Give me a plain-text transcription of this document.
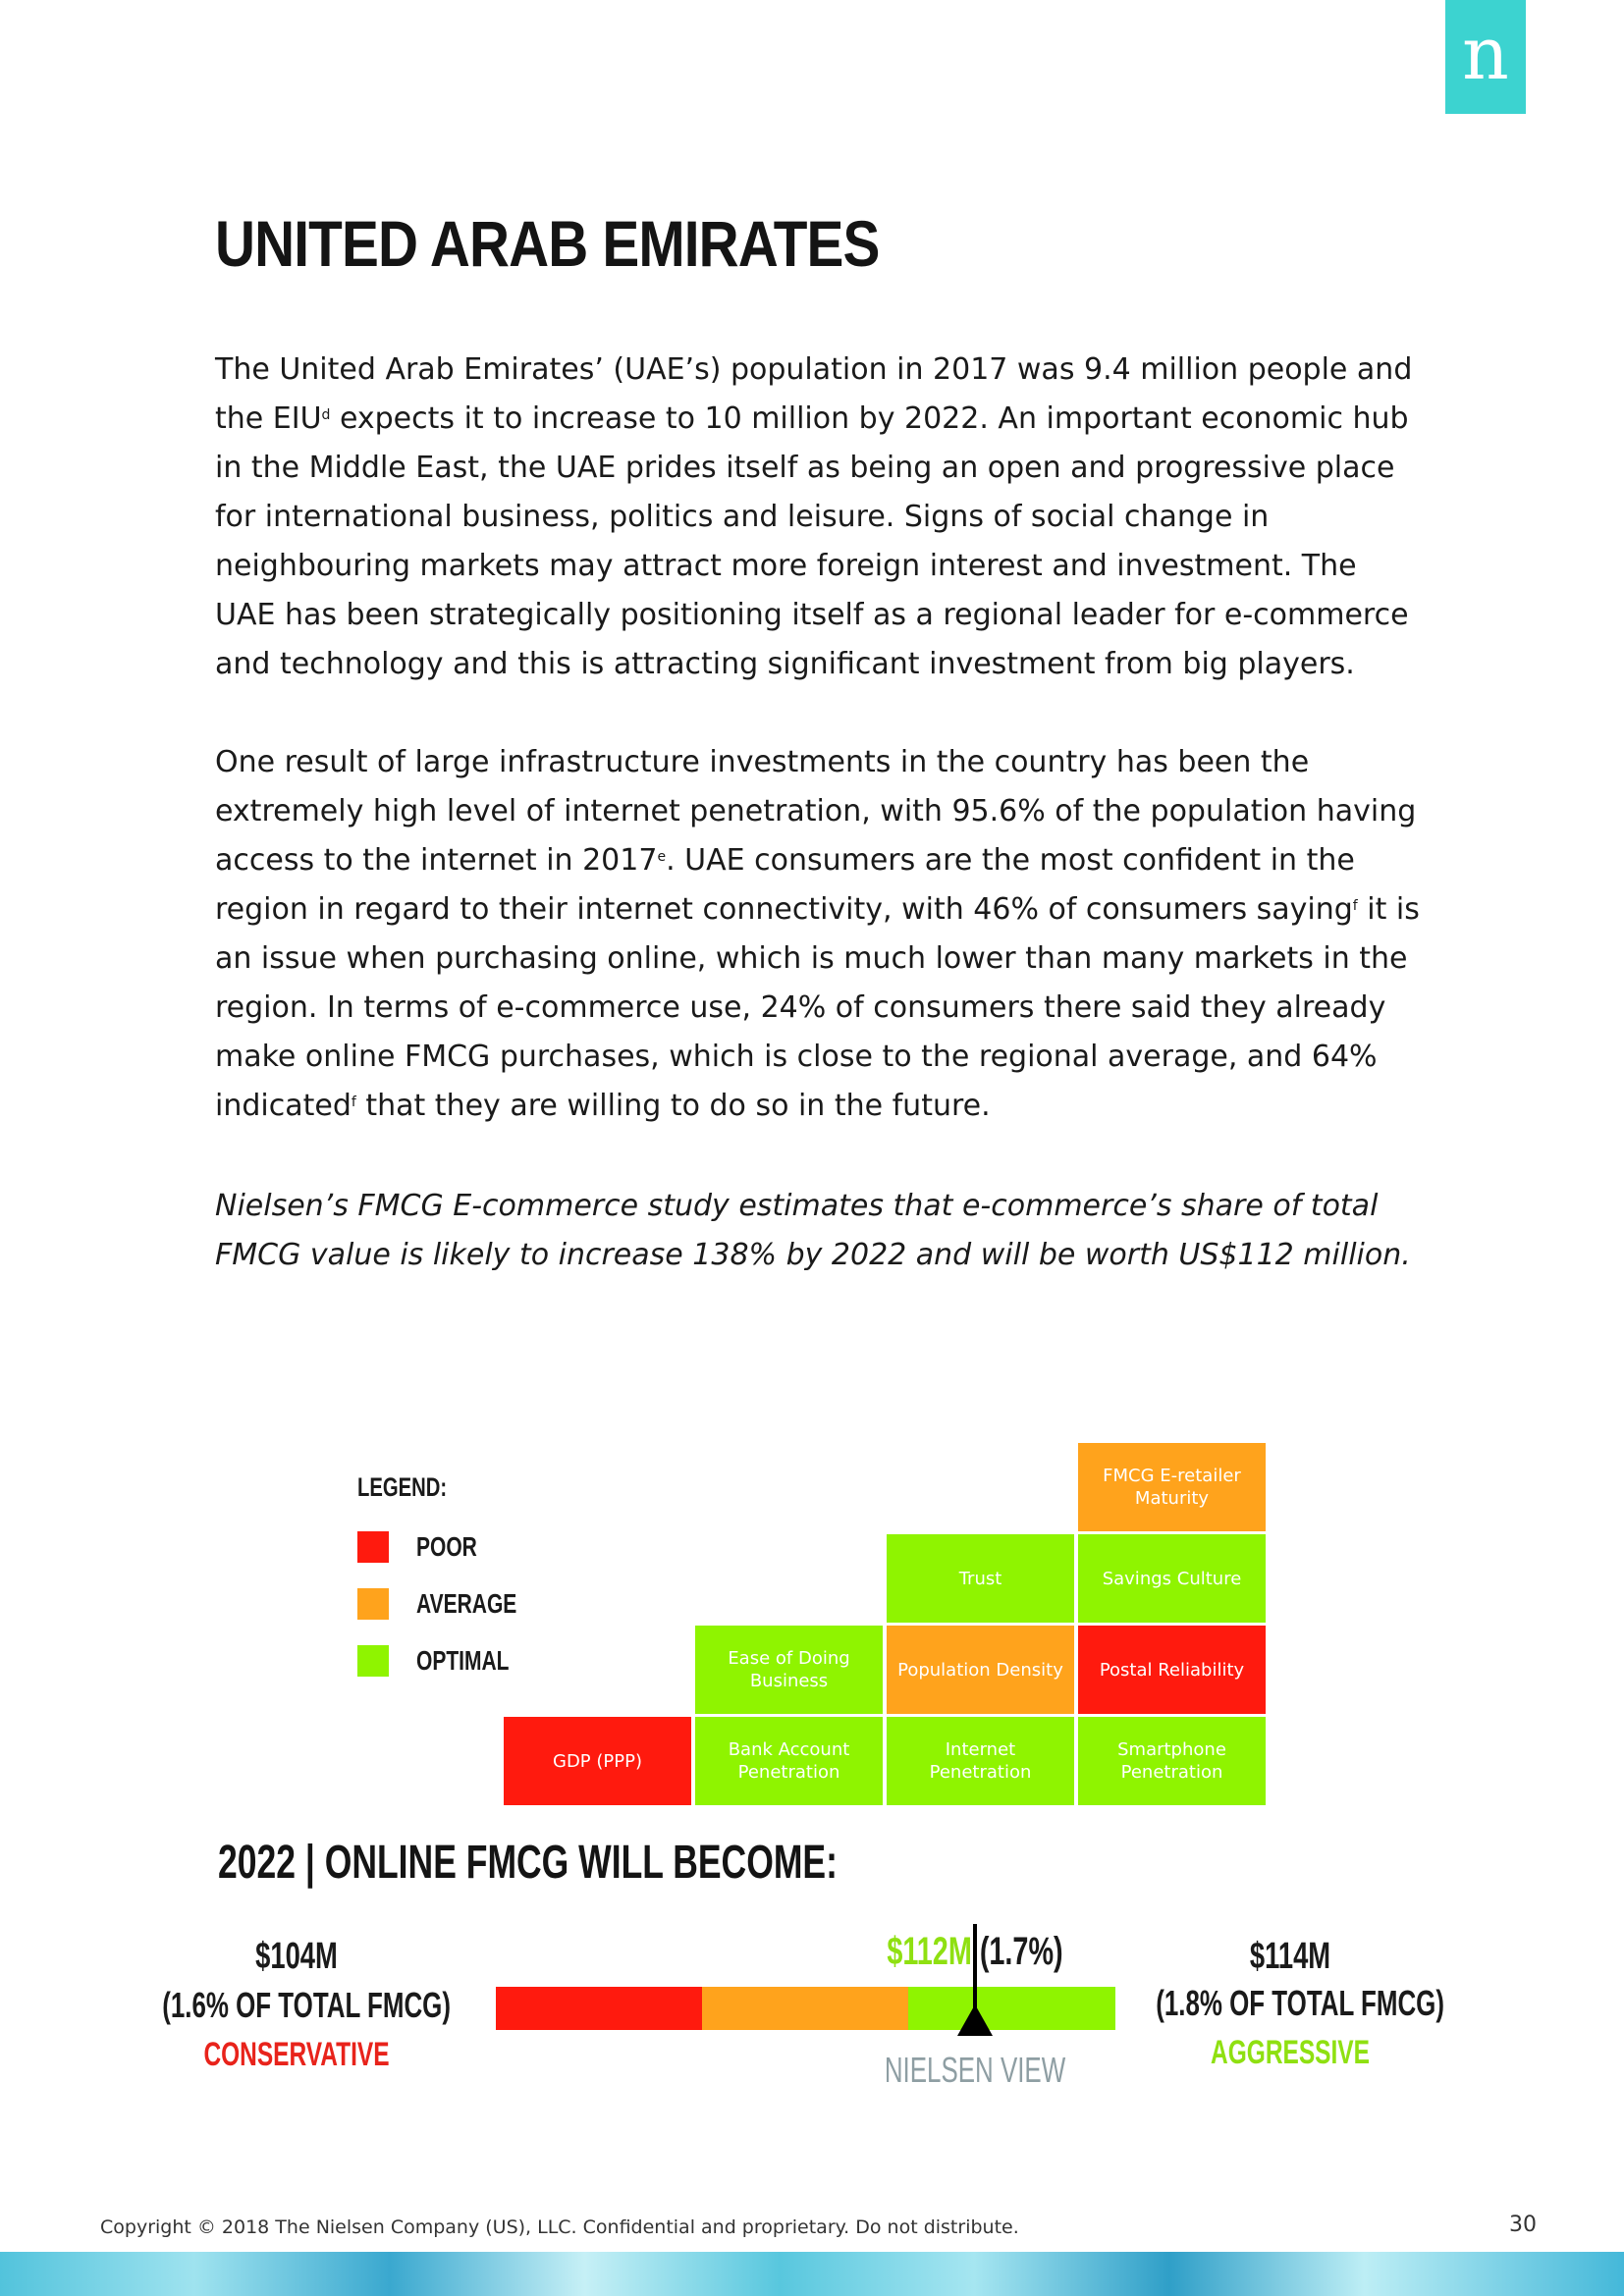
n
UNITED ARAB EMIRATES

The United Arab Emirates’ (UAE’s) population in 2017 was 9.4 million people and the EIU$^d$ expects it to increase to 10 million by 2022. An important economic hub in the Middle East, the UAE prides itself as being an open and progressive place for international business, politics and leisure. Signs of social change in neighbouring markets may attract more foreign interest and investment. The UAE has been strategically positioning itself as a regional leader for e-commerce and technology and this is attracting significant investment from big players.

One result of large infrastructure investments in the country has been the extremely high level of internet penetration, with 95.6% of the population having access to the internet in 2017e. UAE consumers are the most confident in the region in regard to their internet connectivity, with 46% of consumers saying$^f$ it is an issue when purchasing online, which is much lower than many markets in the region. In terms of e-commerce use, 24% of consumers there said they already make online FMCG purchases, which is close to the regional average, and 64% indicated$^f$ that they are willing to do so in the future.

Nielsen’s FMCG E-commerce study estimates that e-commerce’s share of total FMCG value is likely to increase 138% by 2022 and will be worth US$112 million.

LEGEND:
POOR
AVERAGE
OPTIMAL
FMCG E-retailer Maturity
Trust	Savings Culture
Ease of Doing Business
Population Density	Postal Reliability
GDP (PPP)
Bank Account Penetration
Internet Penetration
Smartphone Penetration
2022 | ONLINE FMCG WILL BECOME:
$104M
(1.6% OF TOTAL FMCG)
CONSERVATIVE
$112M (1.7%)
NIELSEN VIEW
$114M
(1.8% OF TOTAL FMCG)
AGGRESSIVE
Copyright © 2018 The Nielsen Company (US), LLC. Confidential and proprietary. Do not distribute.	30
